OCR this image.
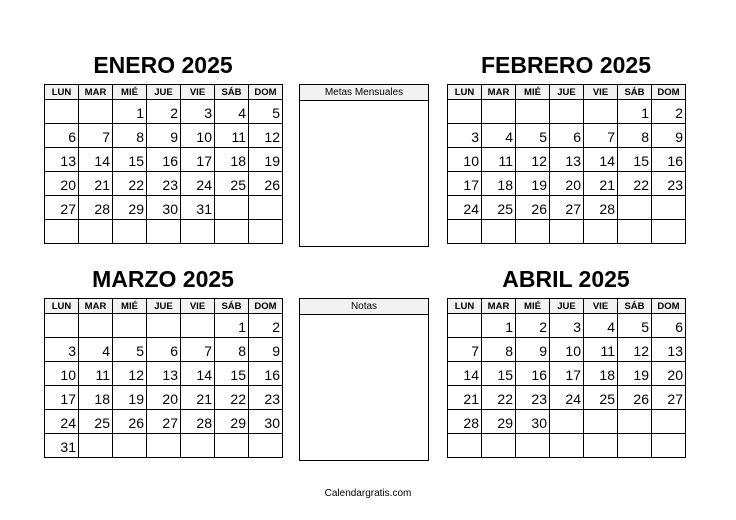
ENERO 2025	FEBRERO 2025
MARZO 2025	ABRIL 2025
LUN	MAR	MIÉ	JUE	VIE	SÁB	DOM
		1	2	3	4	5
6	7	8	9	10	11	12
13	14	15	16	17	18	19
20	21	22	23	24	25	26
27	28	29	30	31		

LUN	MAR	MIÉ	JUE	VIE	SÁB	DOM
					1	2
3	4	5	6	7	8	9
10	11	12	13	14	15	16
17	18	19	20	21	22	23
24	25	26	27	28		

LUN	MAR	MIÉ	JUE	VIE	SÁB	DOM
					1	2
3	4	5	6	7	8	9
10	11	12	13	14	15	16
17	18	19	20	21	22	23
24	25	26	27	28	29	30
31						
LUN	MAR	MIÉ	JUE	VIE	SÁB	DOM
	1	2	3	4	5	6
7	8	9	10	11	12	13
14	15	16	17	18	19	20
21	22	23	24	25	26	27
28	29	30				

Metas Mensuales
Notas
Calendargratis.com
